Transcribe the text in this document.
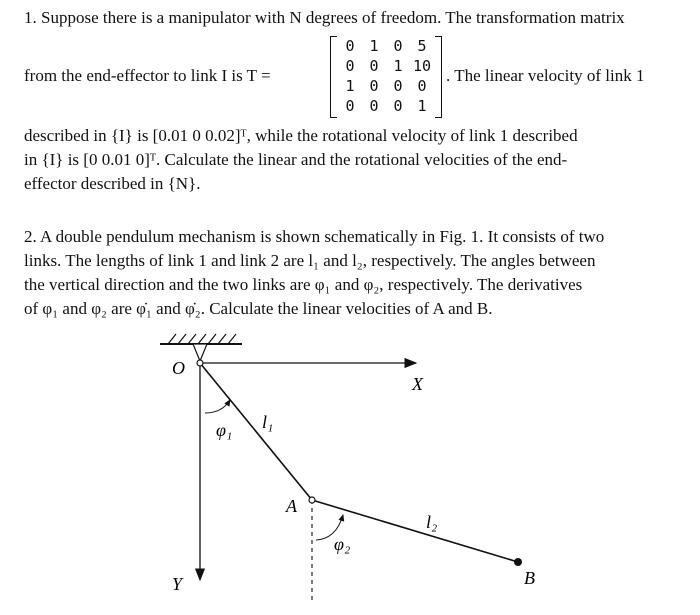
1. Suppose there is a manipulator with N degrees of freedom. The transformation matrix
from the end-effector to link I is T =
0 1 0 5
0 0 1 10
1 0 0 0
0 0 0 1
. The linear velocity of link 1
described in {I} is [0.01 0 0.02]ᵀ, while the rotational velocity of link 1 described
in {I} is [0 0.01 0]ᵀ. Calculate the linear and the rotational velocities of the end-
effector described in {N}.
2. A double pendulum mechanism is shown schematically in Fig. 1. It consists of two
links. The lengths of link 1 and link 2 are l₁ and l₂, respectively. The angles between
the vertical direction and the two links are φ₁ and φ₂, respectively. The derivatives
of φ₁ and φ₂ are φ̇₁ and φ̇₂. Calculate the linear velocities of A and B.
O
X
Y
A
B
l₁
l₂
φ₁
φ₂
